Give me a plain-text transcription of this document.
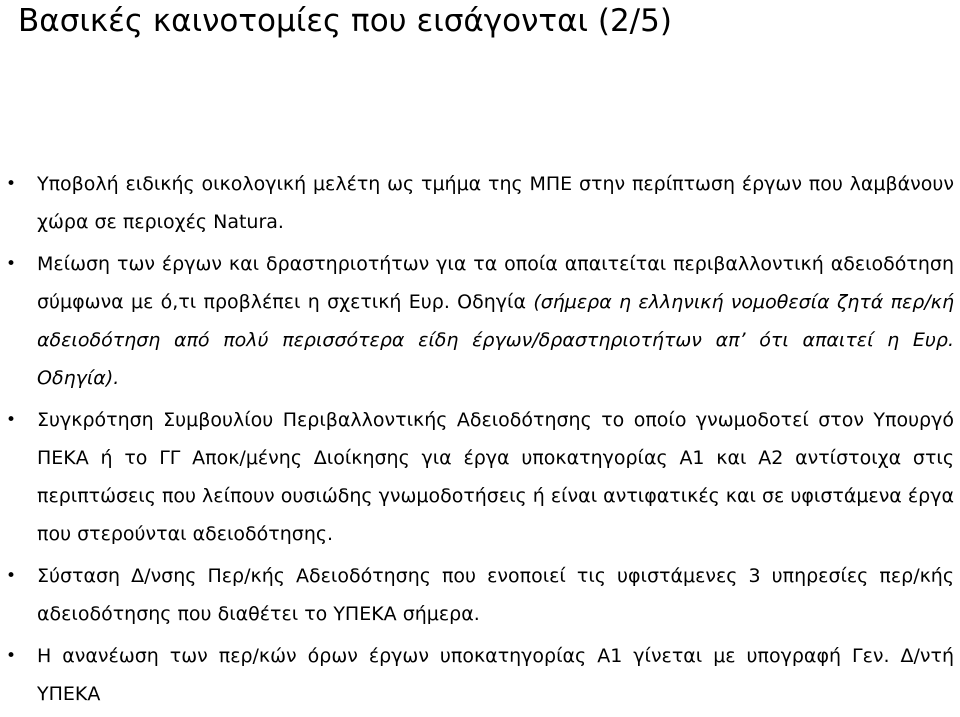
Βασικές καινοτομίες που εισάγονται (2/5)
• Υποβολή ειδικής οικολογική μελέτη ως τμήμα της ΜΠΕ στην περίπτωση έργων που λαμβάνουν χώρα σε περιοχές Natura.
• Μείωση των έργων και δραστηριοτήτων για τα οποία απαιτείται περιβαλλοντική αδειοδότηση σύμφωνα με ό,τι προβλέπει η σχετική Ευρ. Οδηγία (σήμερα η ελληνική νομοθεσία ζητά περ/κή αδειοδότηση από πολύ περισσότερα είδη έργων/δραστηριοτήτων απ’ ότι απαιτεί η Ευρ. Οδηγία).
• Συγκρότηση Συμβουλίου Περιβαλλοντικής Αδειοδότησης το οποίο γνωμοδοτεί στον Υπουργό ΠΕΚΑ ή το ΓΓ Αποκ/μένης Διοίκησης για έργα υποκατηγορίας Α1 και Α2 αντίστοιχα στις περιπτώσεις που λείπουν ουσιώδης γνωμοδοτήσεις ή είναι αντιφατικές και σε υφιστάμενα έργα που στερούνται αδειοδότησης.
• Σύσταση Δ/νσης Περ/κής Αδειοδότησης που ενοποιεί τις υφιστάμενες 3 υπηρεσίες περ/κής αδειοδότησης που διαθέτει το ΥΠΕΚΑ σήμερα.
• Η ανανέωση των περ/κών όρων έργων υποκατηγορίας Α1 γίνεται με υπογραφή Γεν. Δ/ντή ΥΠΕΚΑ
